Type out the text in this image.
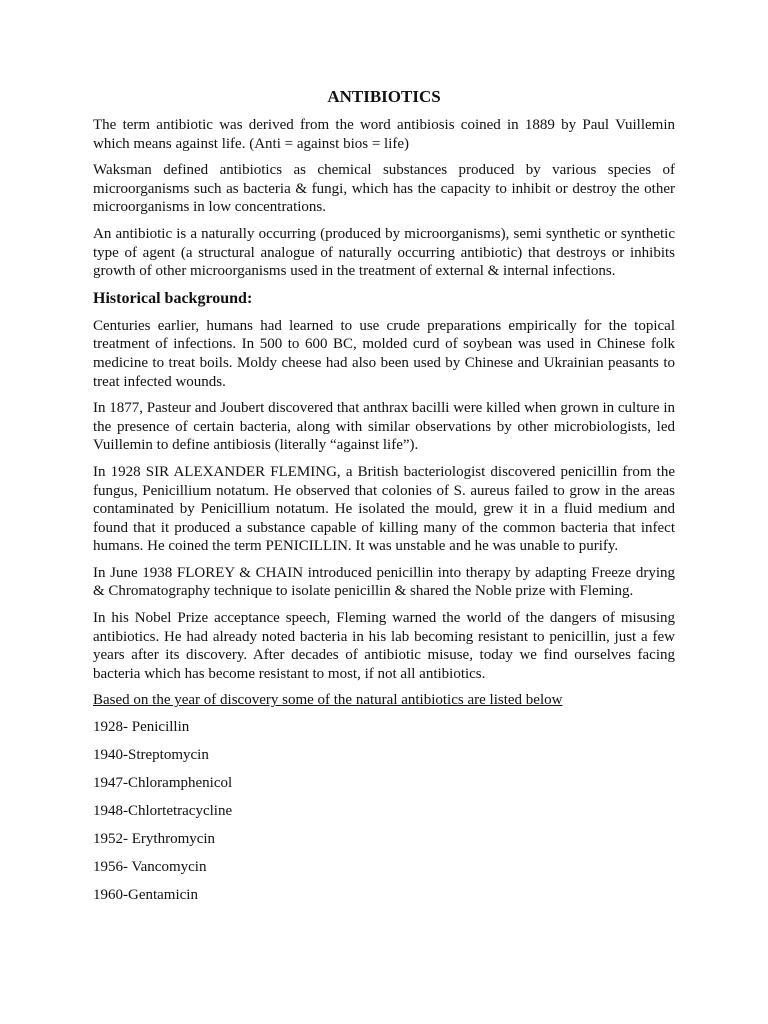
ANTIBIOTICS

The term antibiotic was derived from the word antibiosis coined in 1889 by Paul Vuillemin which means against life. (Anti = against bios = life)

Waksman defined antibiotics as chemical substances produced by various species of microorganisms such as bacteria & fungi, which has the capacity to inhibit or destroy the other microorganisms in low concentrations.

An antibiotic is a naturally occurring (produced by microorganisms), semi synthetic or synthetic type of agent (a structural analogue of naturally occurring antibiotic) that destroys or inhibits growth of other microorganisms used in the treatment of external & internal infections.

Historical background:

Centuries earlier, humans had learned to use crude preparations empirically for the topical treatment of infections. In 500 to 600 BC, molded curd of soybean was used in Chinese folk medicine to treat boils. Moldy cheese had also been used by Chinese and Ukrainian peasants to treat infected wounds.

In 1877, Pasteur and Joubert discovered that anthrax bacilli were killed when grown in culture in the presence of certain bacteria, along with similar observations by other microbiologists, led Vuillemin to define antibiosis (literally “against life”).

In 1928 SIR ALEXANDER FLEMING, a British bacteriologist discovered penicillin from the fungus, Penicillium notatum. He observed that colonies of S. aureus failed to grow in the areas contaminated by Penicillium notatum. He isolated the mould, grew it in a fluid medium and found that it produced a substance capable of killing many of the common bacteria that infect humans. He coined the term PENICILLIN. It was unstable and he was unable to purify.

In June 1938 FLOREY & CHAIN introduced penicillin into therapy by adapting Freeze drying & Chromatography technique to isolate penicillin & shared the Noble prize with Fleming.

In his Nobel Prize acceptance speech, Fleming warned the world of the dangers of misusing antibiotics. He had already noted bacteria in his lab becoming resistant to penicillin, just a few years after its discovery. After decades of antibiotic misuse, today we find ourselves facing bacteria which has become resistant to most, if not all antibiotics.

Based on the year of discovery some of the natural antibiotics are listed below

1928- Penicillin
1940-Streptomycin
1947-Chloramphenicol
1948-Chlortetracycline
1952- Erythromycin
1956- Vancomycin
1960-Gentamicin
